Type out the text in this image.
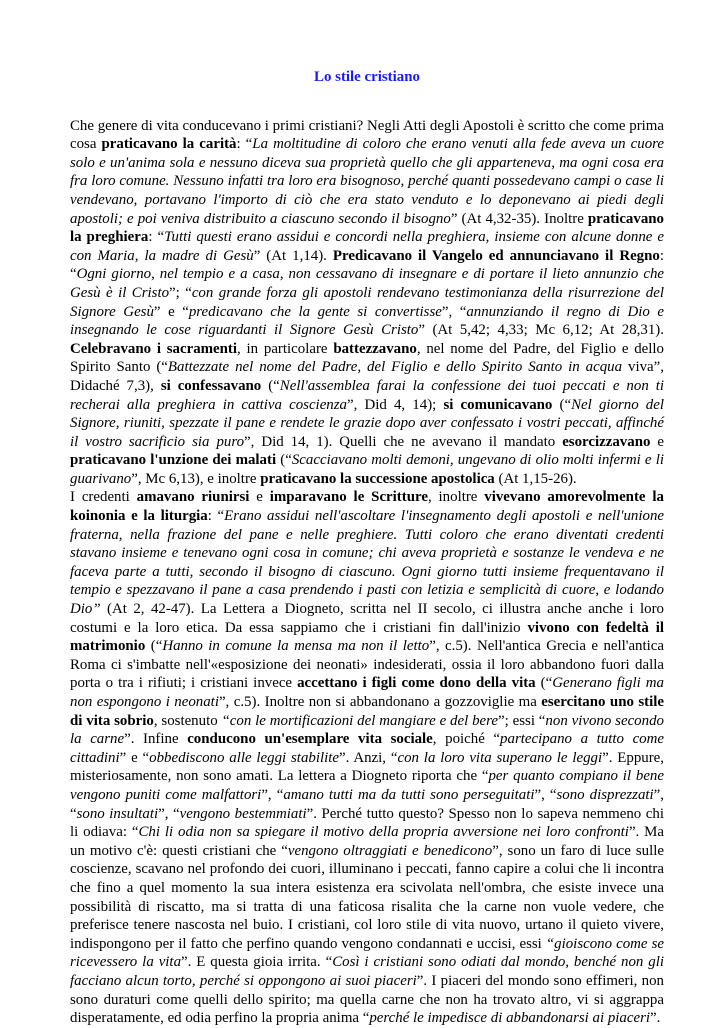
Lo stile cristiano

Che genere di vita conducevano i primi cristiani? Negli Atti degli Apostoli è scritto che come prima cosa praticavano la carità: “La moltitudine di coloro che erano venuti alla fede aveva un cuore solo e un'anima sola e nessuno diceva sua proprietà quello che gli apparteneva, ma ogni cosa era fra loro comune. Nessuno infatti tra loro era bisognoso, perché quanti possedevano campi o case li vendevano, portavano l'importo di ciò che era stato venduto e lo deponevano ai piedi degli apostoli; e poi veniva distribuito a ciascuno secondo il bisogno” (At 4,32-35). Inoltre praticavano la preghiera: “Tutti questi erano assidui e concordi nella preghiera, insieme con alcune donne e con Maria, la madre di Gesù” (At 1,14). Predicavano il Vangelo ed annunciavano il Regno: “Ogni giorno, nel tempio e a casa, non cessavano di insegnare e di portare il lieto annunzio che Gesù è il Cristo”; “con grande forza gli apostoli rendevano testimonianza della risurrezione del Signore Gesù” e “predicavano che la gente si convertisse”, “annunziando il regno di Dio e insegnando le cose riguardanti il Signore Gesù Cristo” (At 5,42; 4,33; Mc 6,12; At 28,31). Celebravano i sacramenti, in particolare battezzavano, nel nome del Padre, del Figlio e dello Spirito Santo (“Battezzate nel nome del Padre, del Figlio e dello Spirito Santo in acqua viva”, Didaché 7,3), si confessavano (“Nell'assemblea farai la confessione dei tuoi peccati e non ti recherai alla preghiera in cattiva coscienza”, Did 4, 14); si comunicavano (“Nel giorno del Signore, riuniti, spezzate il pane e rendete le grazie dopo aver confessato i vostri peccati, affinché il vostro sacrificio sia puro”, Did 14, 1). Quelli che ne avevano il mandato esorcizzavano e praticavano l'unzione dei malati (“Scacciavano molti demoni, ungevano di olio molti infermi e li guarivano”, Mc 6,13), e inoltre praticavano la successione apostolica (At 1,15-26).

I credenti amavano riunirsi e imparavano le Scritture, inoltre vivevano amorevolmente la koinonia e la liturgia: “Erano assidui nell'ascoltare l'insegnamento degli apostoli e nell'unione fraterna, nella frazione del pane e nelle preghiere. Tutti coloro che erano diventati credenti stavano insieme e tenevano ogni cosa in comune; chi aveva proprietà e sostanze le vendeva e ne faceva parte a tutti, secondo il bisogno di ciascuno. Ogni giorno tutti insieme frequentavano il tempio e spezzavano il pane a casa prendendo i pasti con letizia e semplicità di cuore, e lodando Dio” (At 2, 42-47). La Lettera a Diogneto, scritta nel II secolo, ci illustra anche anche i loro costumi e la loro etica. Da essa sappiamo che i cristiani fin dall'inizio vivono con fedeltà il matrimonio (“Hanno in comune la mensa ma non il letto”, c.5). Nell'antica Grecia e nell'antica Roma ci s'imbatte nell'«esposizione dei neonati» indesiderati, ossia il loro abbandono fuori dalla porta o tra i rifiuti; i cristiani invece accettano i figli come dono della vita (“Generano figli ma non espongono i neonati”, c.5). Inoltre non si abbandonano a gozzoviglie ma esercitano uno stile di vita sobrio, sostenuto “con le mortificazioni del mangiare e del bere”; essi “non vivono secondo la carne”. Infine conducono un'esemplare vita sociale, poiché “partecipano a tutto come cittadini” e “obbediscono alle leggi stabilite”. Anzi, “con la loro vita superano le leggi”. Eppure, misteriosamente, non sono amati. La lettera a Diogneto riporta che “per quanto compiano il bene vengono puniti come malfattori”, “amano tutti ma da tutti sono perseguitati”, “sono disprezzati”, “sono insultati”, “vengono bestemmiati”. Perché tutto questo? Spesso non lo sapeva nemmeno chi li odiava: “Chi li odia non sa spiegare il motivo della propria avversione nei loro confronti”. Ma un motivo c'è: questi cristiani che “vengono oltraggiati e benedicono”, sono un faro di luce sulle coscienze, scavano nel profondo dei cuori, illuminano i peccati, fanno capire a colui che li incontra che fino a quel momento la sua intera esistenza era scivolata nell'ombra, che esiste invece una possibilità di riscatto, ma si tratta di una faticosa risalita che la carne non vuole vedere, che preferisce tenere nascosta nel buio. I cristiani, col loro stile di vita nuovo, urtano il quieto vivere, indispongono per il fatto che perfino quando vengono condannati e uccisi, essi “gioiscono come se ricevessero la vita”. E questa gioia irrita. “Così i cristiani sono odiati dal mondo, benché non gli facciano alcun torto, perché si oppongono ai suoi piaceri”. I piaceri del mondo sono effimeri, non sono duraturi come quelli dello spirito; ma quella carne che non ha trovato altro, vi si aggrappa disperatamente, ed odia perfino la propria anima “perché le impedisce di abbandonarsi ai piaceri”.
